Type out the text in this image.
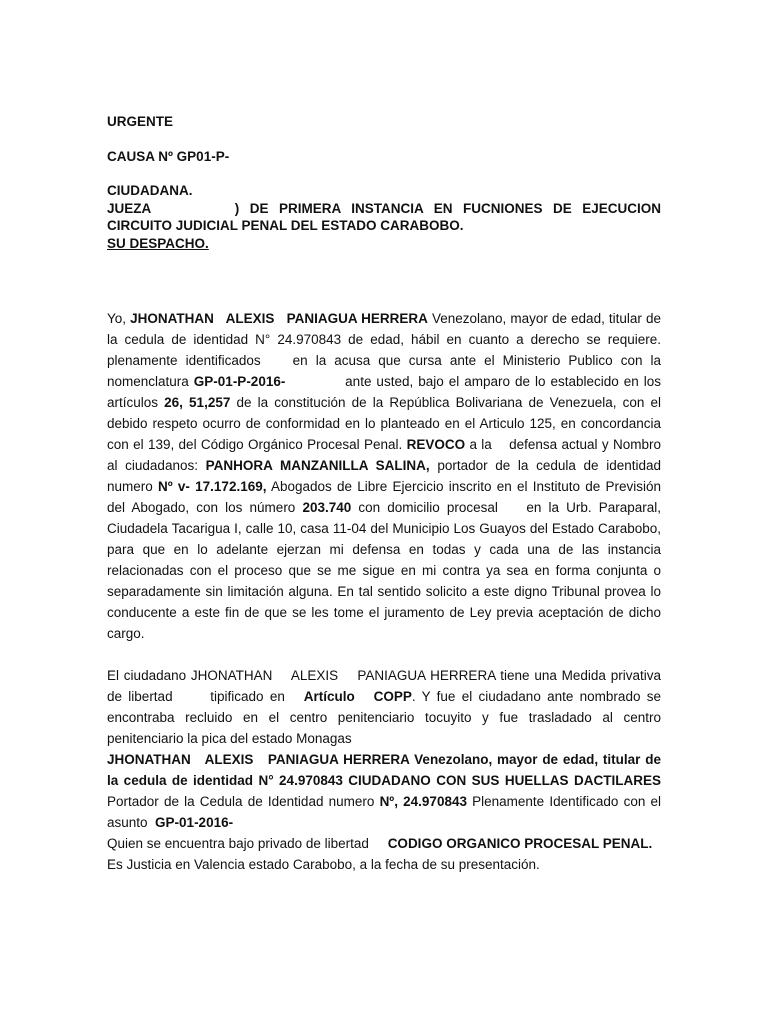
URGENTE

CAUSA Nº GP01-P-

CIUDADANA.

JUEZA        ) DE PRIMERA INSTANCIA EN FUCNIONES DE EJECUCION

CIRCUITO JUDICIAL PENAL DEL ESTADO CARABOBO.

SU DESPACHO.

Yo, JHONATHAN   ALEXIS   PANIAGUA HERRERA Venezolano, mayor de edad, titular de la cedula de identidad N° 24.970843 de edad, hábil en cuanto a derecho se requiere. plenamente identificados    en la acusa que cursa ante el Ministerio Publico con la nomenclatura GP-01-P-2016-            ante usted, bajo el amparo de lo establecido en los artículos 26, 51,257 de la constitución de la República Bolivariana de Venezuela, con el debido respeto ocurro de conformidad en lo planteado en el Articulo 125, en concordancia con el 139, del Código Orgánico Procesal Penal. REVOCO a la    defensa actual y Nombro al ciudadanos: PANHORA MANZANILLA SALINA, portador de la cedula de identidad numero Nº v- 17.172.169, Abogados de Libre Ejercicio inscrito en el Instituto de Previsión del Abogado, con los número 203.740 con domicilio procesal    en la Urb. Paraparal, Ciudadela Tacarigua I, calle 10, casa 11-04 del Municipio Los Guayos del Estado Carabobo, para que en lo adelante ejerzan mi defensa en todas y cada una de las instancia relacionadas con el proceso que se me sigue en mi contra ya sea en forma conjunta o separadamente sin limitación alguna. En tal sentido solicito a este digno Tribunal provea lo conducente a este fin de que se les tome el juramento de Ley previa aceptación de dicho cargo.

El ciudadano JHONATHAN    ALEXIS    PANIAGUA HERRERA tiene una Medida privativa de libertad      tipificado en   Artículo   COPP. Y fue el ciudadano ante nombrado se encontraba recluido en el centro penitenciario tocuyito y fue trasladado al centro penitenciario la pica del estado Monagas

JHONATHAN   ALEXIS   PANIAGUA HERRERA Venezolano, mayor de edad, titular de la cedula de identidad N° 24.970843 CIUDADANO CON SUS HUELLAS DACTILARES Portador de la Cedula de Identidad numero Nº, 24.970843 Plenamente Identificado con el asunto  GP-01-2016-

Quien se encuentra bajo privado de libertad     CODIGO ORGANICO PROCESAL PENAL.

Es Justicia en Valencia estado Carabobo, a la fecha de su presentación.
